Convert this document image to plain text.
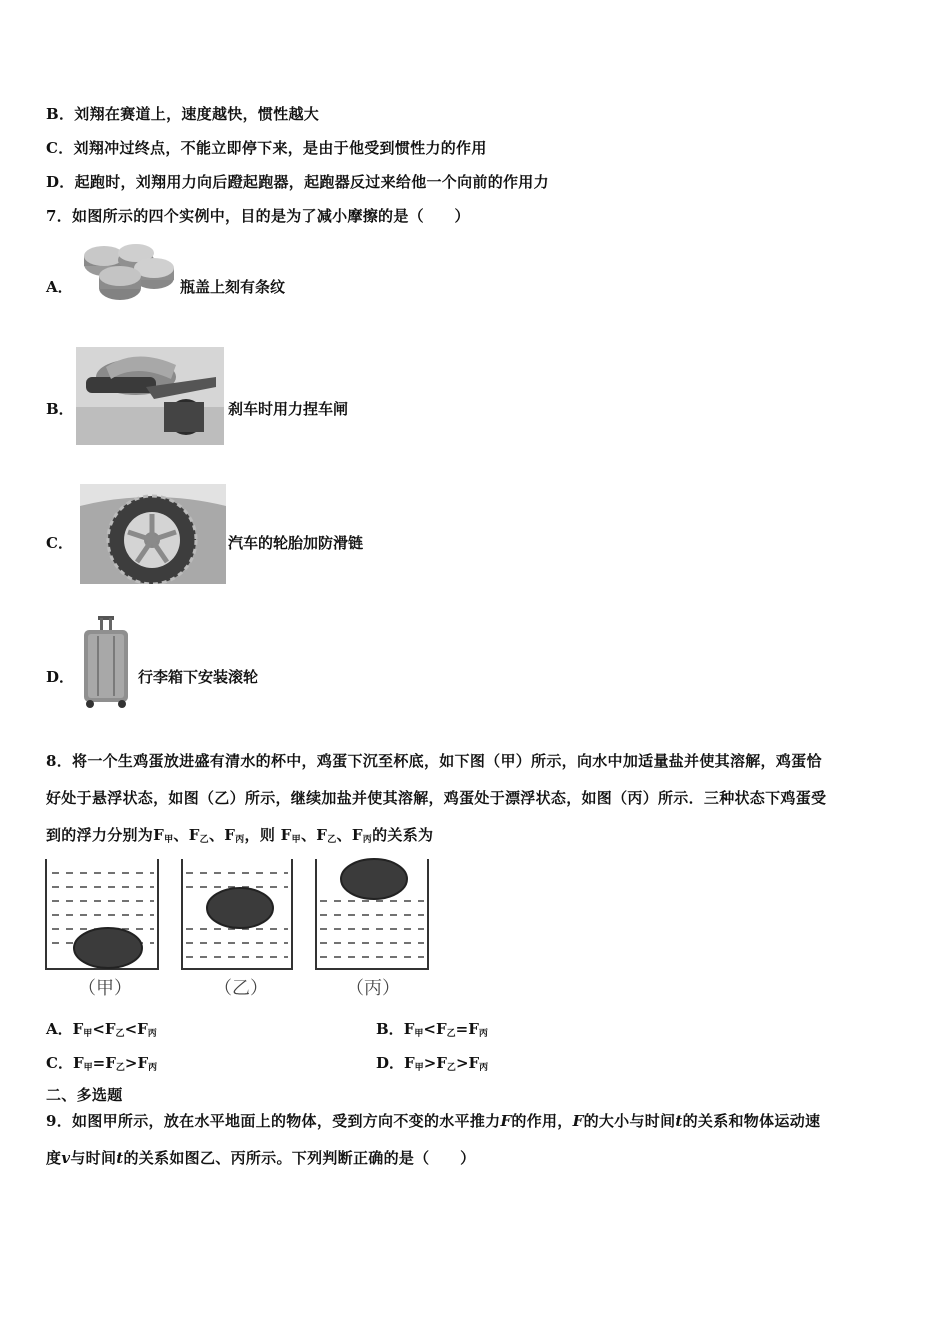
B．刘翔在赛道上，速度越快，惯性越大
C．刘翔冲过终点，不能立即停下来，是由于他受到惯性力的作用
D．起跑时，刘翔用力向后蹬起跑器，起跑器反过来给他一个向前的作用力
7．如图所示的四个实例中，目的是为了减小摩擦的是（　　）
A．	瓶盖上刻有条纹
B．	刹车时用力捏车闸
C．	汽车的轮胎加防滑链
D．	行李箱下安装滚轮
8．将一个生鸡蛋放进盛有清水的杯中，鸡蛋下沉至杯底，如下图（甲）所示，向水中加适量盐并使其溶解，鸡蛋恰
好处于悬浮状态，如图（乙）所示，继续加盐并使其溶解，鸡蛋处于漂浮状态，如图（丙）所示．三种状态下鸡蛋受
到的浮力分别为$F_甲$、$F_乙$、$F_丙$，则 $F_甲$、$F_乙$、$F_丙$的关系为
（甲）	（乙）	（丙）
A．$F_甲<F_乙<F_丙$	B．$F_甲<F_乙=F_丙$
C．$F_甲=F_乙>F_丙$	D．$F_甲>F_乙>F_丙$
二、多选题
9．如图甲所示，放在水平地面上的物体，受到方向不变的水平推力F的作用，F的大小与时间t的关系和物体运动速
度v与时间t的关系如图乙、丙所示。下列判断正确的是（　　）
